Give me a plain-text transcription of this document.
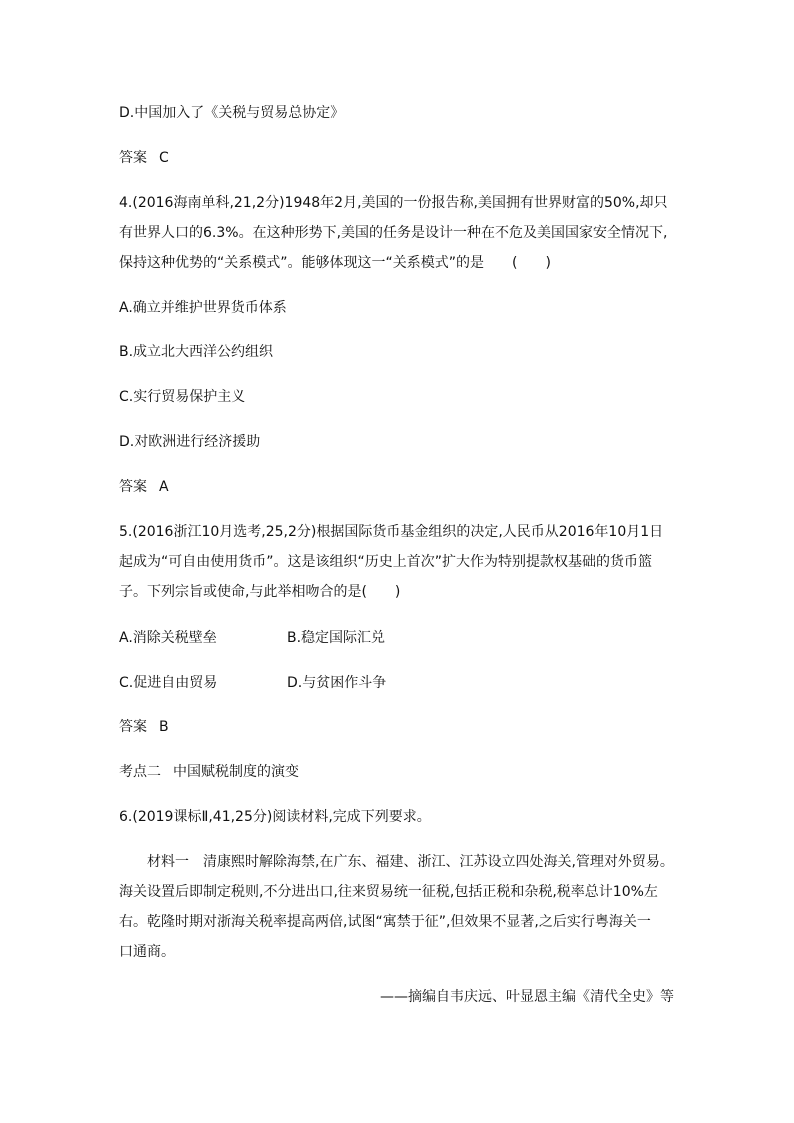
D.中国加入了《关税与贸易总协定》
答案 C
4.(2016海南单科,21,2分)1948年2月,美国的一份报告称,美国拥有世界财富的50%,却只
有世界人口的6.3%。在这种形势下,美国的任务是设计一种在不危及美国国家安全情况下,
保持这种优势的“关系模式”。能够体现这一“关系模式”的是　　(　　)
A.确立并维护世界货币体系
B.成立北大西洋公约组织
C.实行贸易保护主义
D.对欧洲进行经济援助
答案 A
5.(2016浙江10月选考,25,2分)根据国际货币基金组织的决定,人民币从2016年10月1日
起成为“可自由使用货币”。这是该组织“历史上首次”扩大作为特别提款权基础的货币篮
子。下列宗旨或使命,与此举相吻合的是(　　)
A.消除关税壁垒	B.稳定国际汇兑
C.促进自由贸易	D.与贫困作斗争
答案 B
考点二 中国赋税制度的演变
6.(2019课标Ⅱ,41,25分)阅读材料,完成下列要求。
材料一　清康熙时解除海禁,在广东、福建、浙江、江苏设立四处海关,管理对外贸易。
海关设置后即制定税则,不分进出口,往来贸易统一征税,包括正税和杂税,税率总计10%左
右。乾隆时期对浙海关税率提高两倍,试图“寓禁于征”,但效果不显著,之后实行粤海关一
口通商。
——摘编自韦庆远、叶显恩主编《清代全史》等
